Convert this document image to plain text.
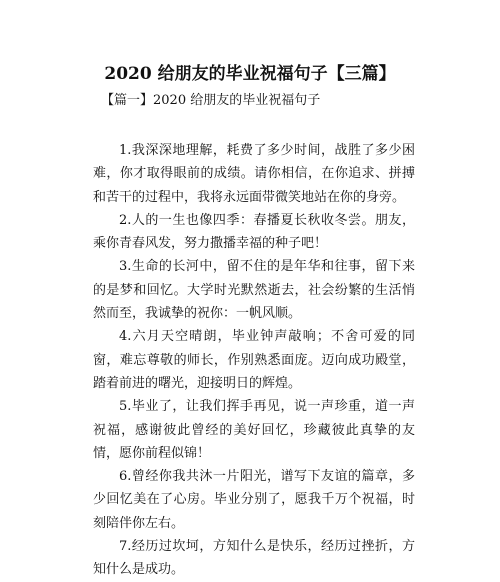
2020 给朋友的毕业祝福句子【三篇】
【篇一】2020 给朋友的毕业祝福句子

1.我深深地理解，耗费了多少时间，战胜了多少困难，你才取得眼前的成绩。请你相信，在你追求、拼搏和苦干的过程中，我将永远面带微笑地站在你的身旁。

2.人的一生也像四季：春播夏长秋收冬尝。朋友，乘你青春风发，努力撒播幸福的种子吧！

3.生命的长河中，留不住的是年华和往事，留下来的是梦和回忆。大学时光默然逝去，社会纷繁的生活悄然而至，我诚挚的祝你：一帆风顺。

4.六月天空晴朗，毕业钟声敲响；不舍可爱的同窗，难忘尊敬的师长，作别熟悉面庞。迈向成功殿堂，踏着前进的曙光，迎接明日的辉煌。

5.毕业了，让我们挥手再见，说一声珍重，道一声祝福，感谢彼此曾经的美好回忆，珍藏彼此真挚的友情，愿你前程似锦！

6.曾经你我共沐一片阳光，谱写下友谊的篇章，多少回忆美在了心房。毕业分别了，愿我千万个祝福，时刻陪伴你左右。

7.经历过坎坷，方知什么是快乐，经历过挫折，方知什么是成功。
